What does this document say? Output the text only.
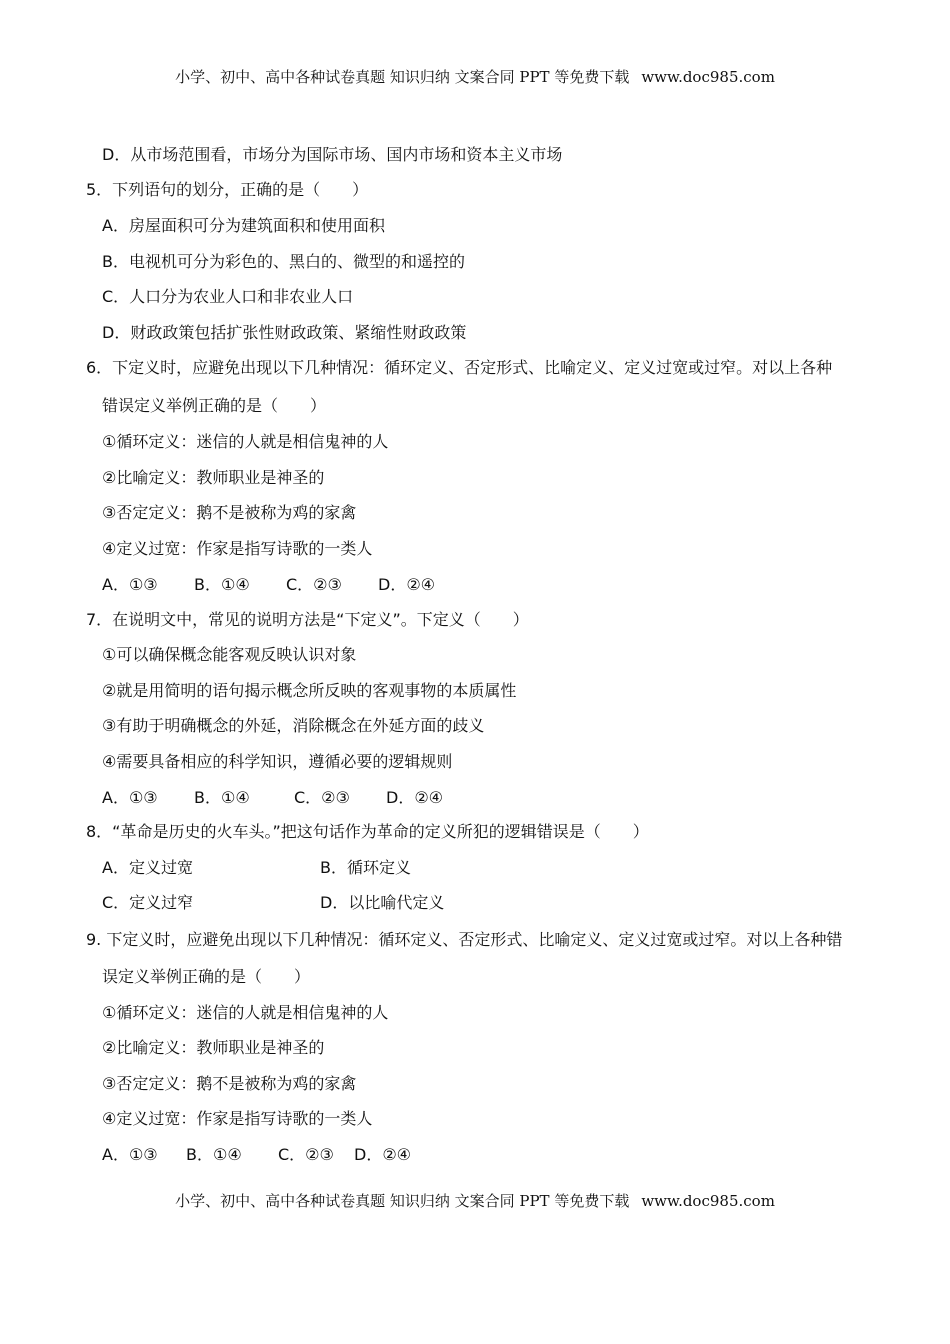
小学、初中、高中各种试卷真题 知识归纳 文案合同 PPT 等免费下载 www.doc985.com
D．从市场范围看，市场分为国际市场、国内市场和资本主义市场
5．下列语句的划分，正确的是（　　）
A．房屋面积可分为建筑面积和使用面积
B．电视机可分为彩色的、黑白的、微型的和遥控的
C．人口分为农业人口和非农业人口
D．财政政策包括扩张性财政政策、紧缩性财政政策
6．下定义时，应避免出现以下几种情况：循环定义、否定形式、比喻定义、定义过宽或过窄。对以上各种
错误定义举例正确的是（　　）
①循环定义：迷信的人就是相信鬼神的人
②比喻定义：教师职业是神圣的
③否定定义：鹅不是被称为鸡的家禽
④定义过宽：作家是指写诗歌的一类人
A．①③ B．①④ C．②③ D．②④
7．在说明文中，常见的说明方法是“下定义”。下定义（　　）
①可以确保概念能客观反映认识对象
②就是用简明的语句揭示概念所反映的客观事物的本质属性
③有助于明确概念的外延，消除概念在外延方面的歧义
④需要具备相应的科学知识，遵循必要的逻辑规则
A．①③ B．①④	C．②③ D．②④
8．“革命是历史的火车头。”把这句话作为革命的定义所犯的逻辑错误是（　　）
A．定义过宽	B．循环定义
C．定义过窄	D．以比喻代定义
9. 下定义时，应避免出现以下几种情况：循环定义、否定形式、比喻定义、定义过宽或过窄。对以上各种错
误定义举例正确的是（　　）
①循环定义：迷信的人就是相信鬼神的人
②比喻定义：教师职业是神圣的
③否定定义：鹅不是被称为鸡的家禽
④定义过宽：作家是指写诗歌的一类人
A．①③ B．①④ C．②③ D．②④
小学、初中、高中各种试卷真题 知识归纳 文案合同 PPT 等免费下载 www.doc985.com
